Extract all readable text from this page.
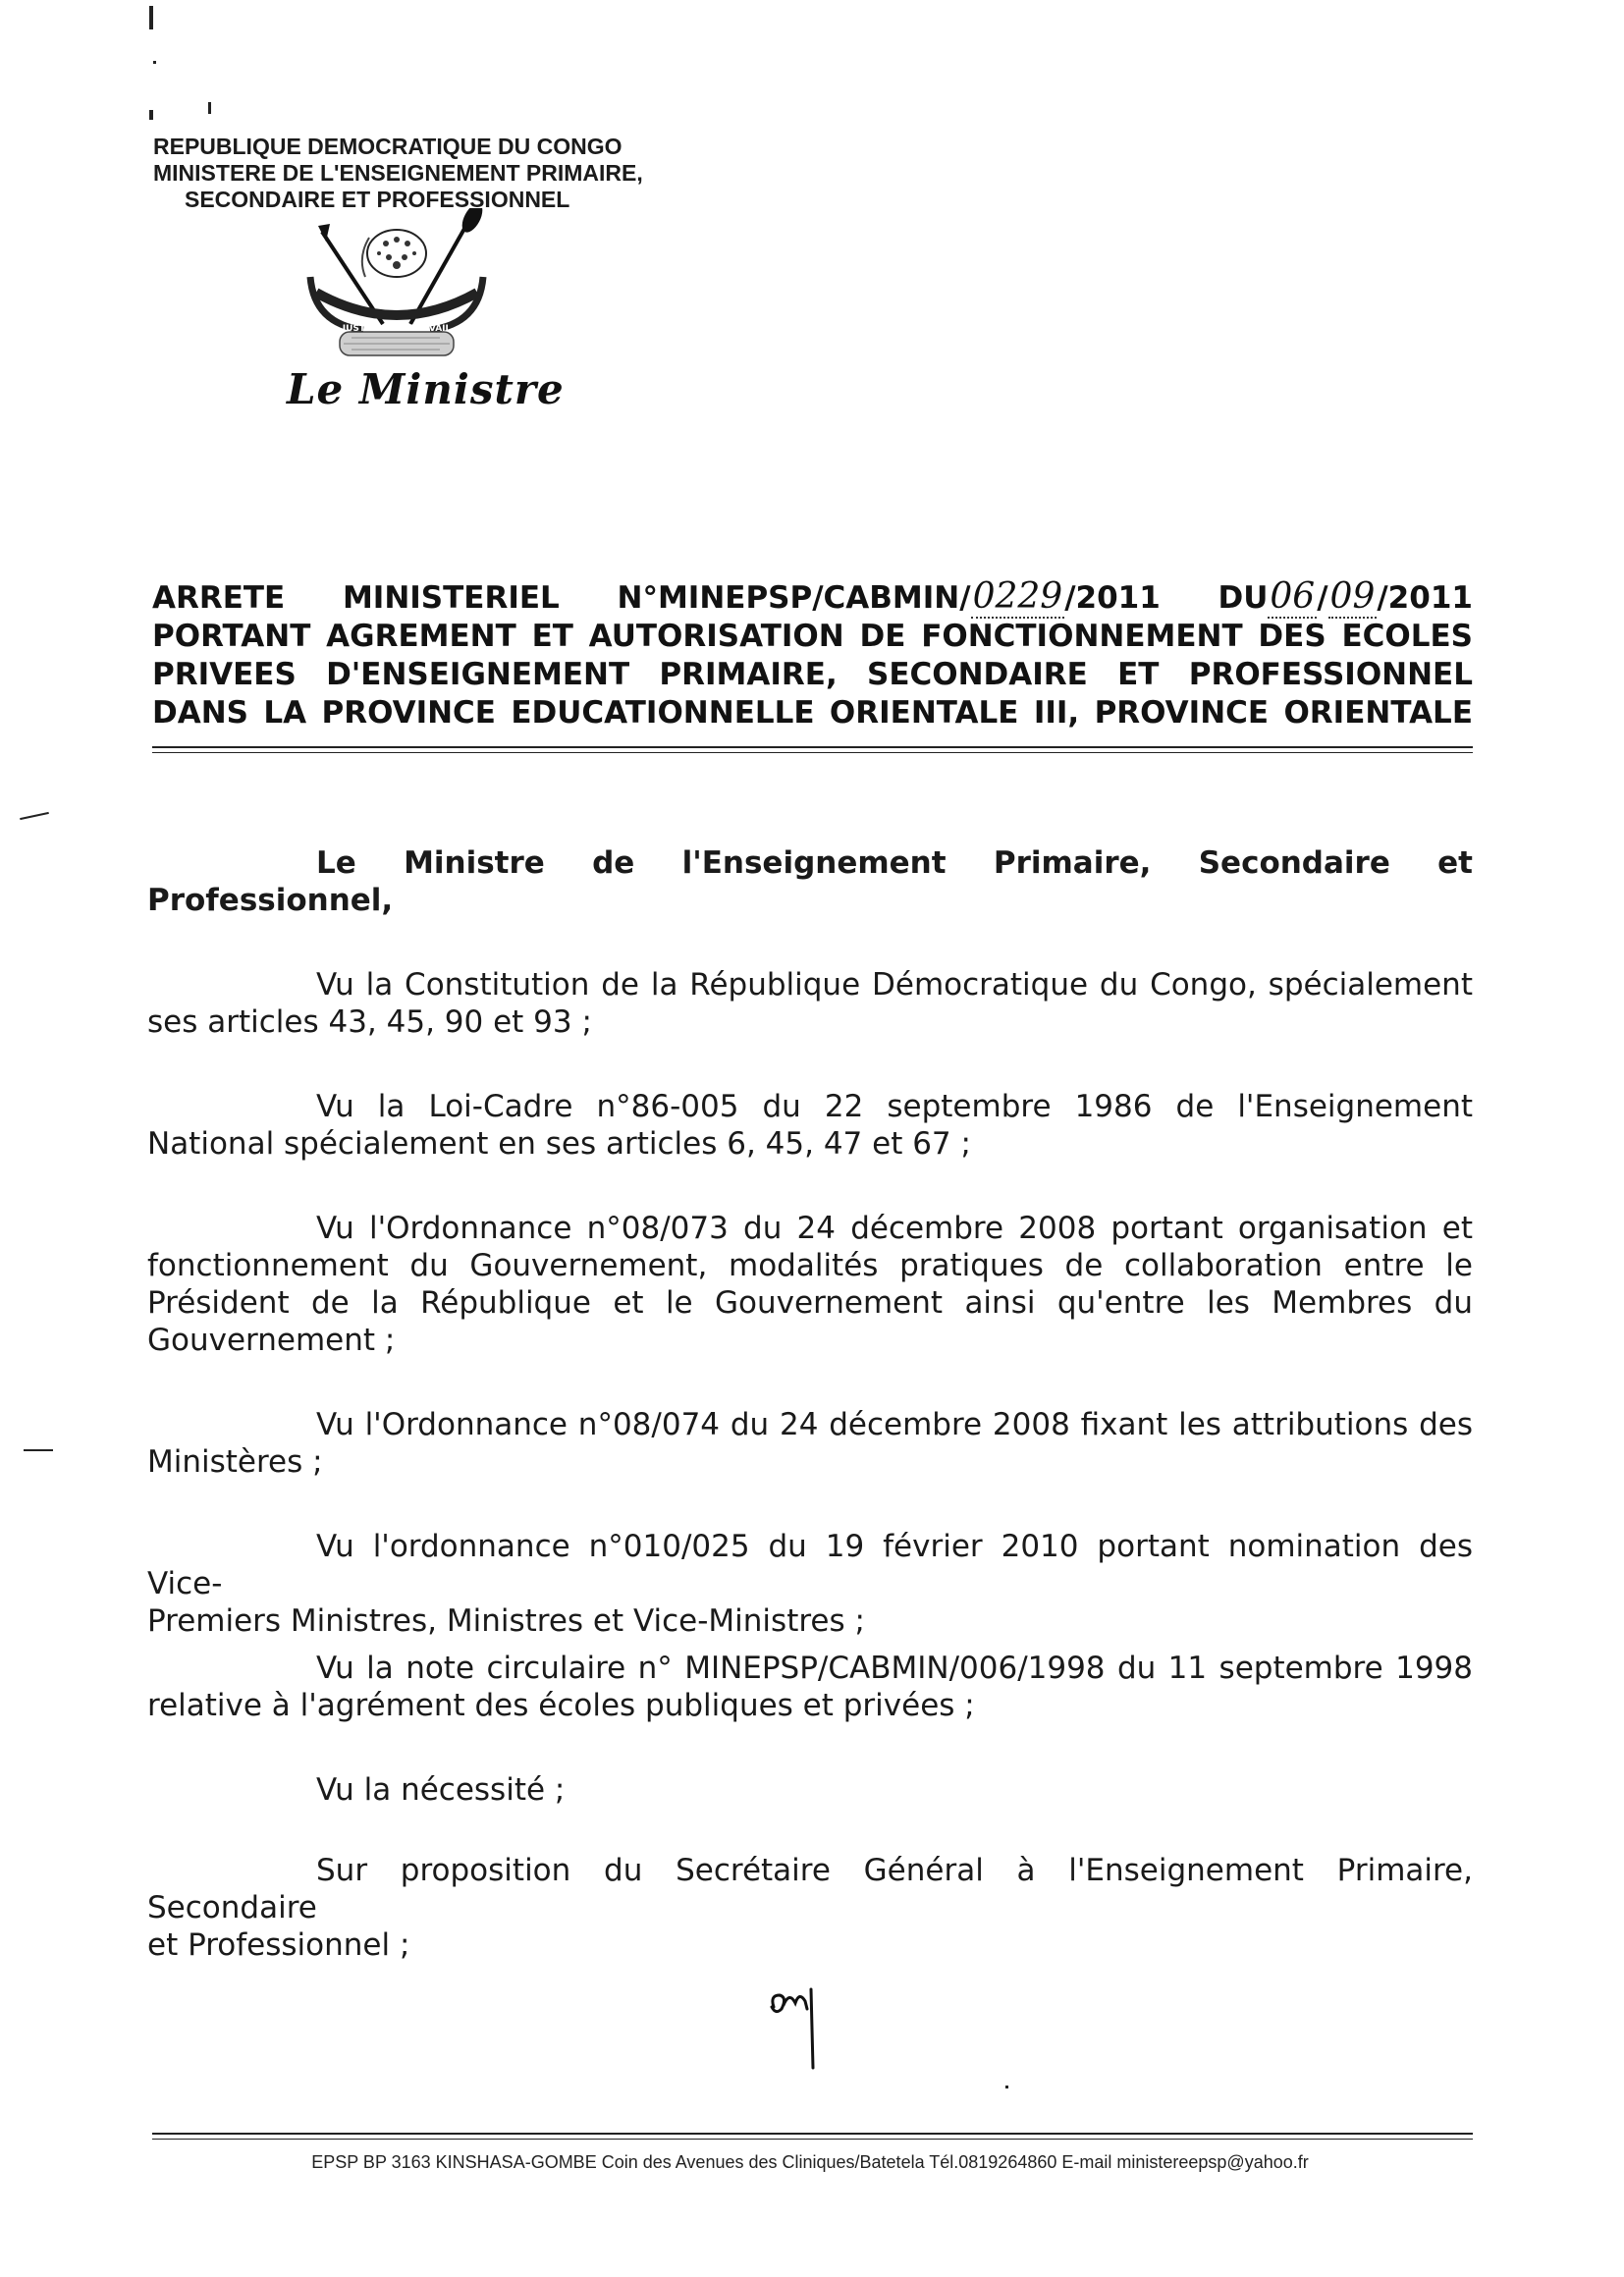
REPUBLIQUE DEMOCRATIQUE DU CONGO
MINISTERE DE L'ENSEIGNEMENT PRIMAIRE,
SECONDAIRE ET PROFESSIONNEL
JUSTICE PAIX TRAVAIL
Le Ministre
ARRETE MINISTERIEL N°MINEPSP/CABMIN/0229/2011 DU06/09/2011
PORTANT AGREMENT ET AUTORISATION DE FONCTIONNEMENT DES ECOLES
PRIVEES D'ENSEIGNEMENT PRIMAIRE, SECONDAIRE ET PROFESSIONNEL
DANS LA PROVINCE EDUCATIONNELLE ORIENTALE III, PROVINCE ORIENTALE
Le Ministre de l'Enseignement Primaire, Secondaire et
Professionnel,
Vu la Constitution de la République Démocratique du Congo, spécialement
ses articles 43, 45, 90 et 93 ;
Vu la Loi-Cadre n°86-005 du 22 septembre 1986 de l'Enseignement
National spécialement en ses articles 6, 45, 47 et 67 ;
Vu l'Ordonnance n°08/073 du 24 décembre 2008 portant organisation et
fonctionnement du Gouvernement, modalités pratiques de collaboration entre le Président de la République et le Gouvernement ainsi qu'entre les Membres du Gouvernement ;
Vu l'Ordonnance n°08/074 du 24 décembre 2008 fixant les attributions des
Ministères ;
Vu l'ordonnance n°010/025 du 19 février 2010 portant nomination des Vice-
Premiers Ministres, Ministres et Vice-Ministres ;
Vu la note circulaire n° MINEPSP/CABMIN/006/1998 du 11 septembre 1998
relative à l'agrément des écoles publiques et privées ;
Vu la nécessité ;
Sur proposition du Secrétaire Général à l'Enseignement Primaire, Secondaire
et Professionnel ;
OM
EPSP BP 3163 KINSHASA-GOMBE Coin des Avenues des Cliniques/Batetela Tél.0819264860 E-mail ministereepsp@yahoo.fr
